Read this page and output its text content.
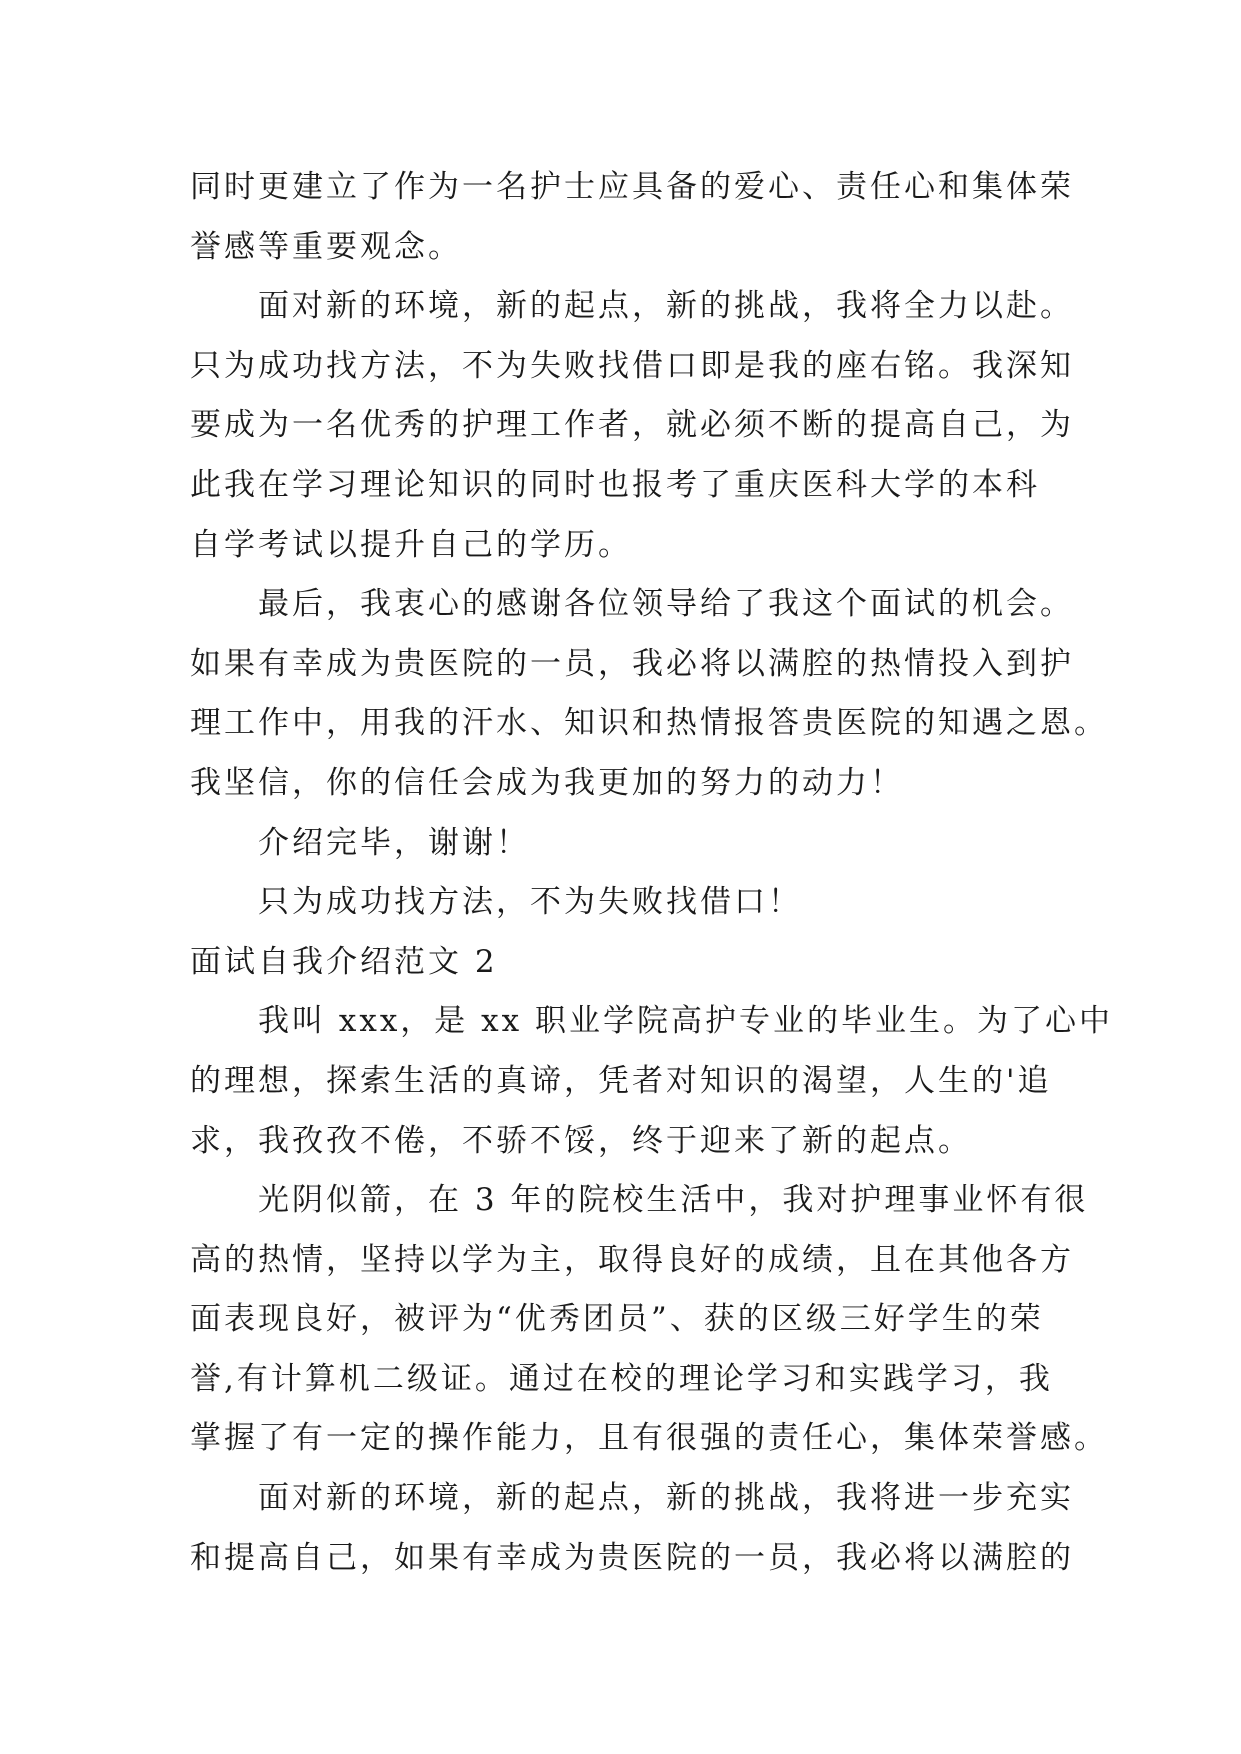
同时更建立了作为一名护士应具备的爱心、责任心和集体荣

誉感等重要观念。

面对新的环境，新的起点，新的挑战，我将全力以赴。

只为成功找方法，不为失败找借口即是我的座右铭。我深知

要成为一名优秀的护理工作者，就必须不断的提高自己，为

此我在学习理论知识的同时也报考了重庆医科大学的本科

自学考试以提升自己的学历。

最后，我衷心的感谢各位领导给了我这个面试的机会。

如果有幸成为贵医院的一员，我必将以满腔的热情投入到护

理工作中，用我的汗水、知识和热情报答贵医院的知遇之恩。

我坚信，你的信任会成为我更加的努力的动力！

介绍完毕，谢谢！

只为成功找方法，不为失败找借口！

面试自我介绍范文 2

我叫 xxx，是 xx 职业学院高护专业的毕业生。为了心中

的理想，探索生活的真谛，凭者对知识的渴望，人生的'追

求，我孜孜不倦，不骄不馁，终于迎来了新的起点。

光阴似箭，在 3 年的院校生活中，我对护理事业怀有很

高的热情，坚持以学为主，取得良好的成绩，且在其他各方

面表现良好，被评为“优秀团员”、获的区级三好学生的荣

誉,有计算机二级证。通过在校的理论学习和实践学习，我

掌握了有一定的操作能力，且有很强的责任心，集体荣誉感。

面对新的环境，新的起点，新的挑战，我将进一步充实

和提高自己，如果有幸成为贵医院的一员，我必将以满腔的
